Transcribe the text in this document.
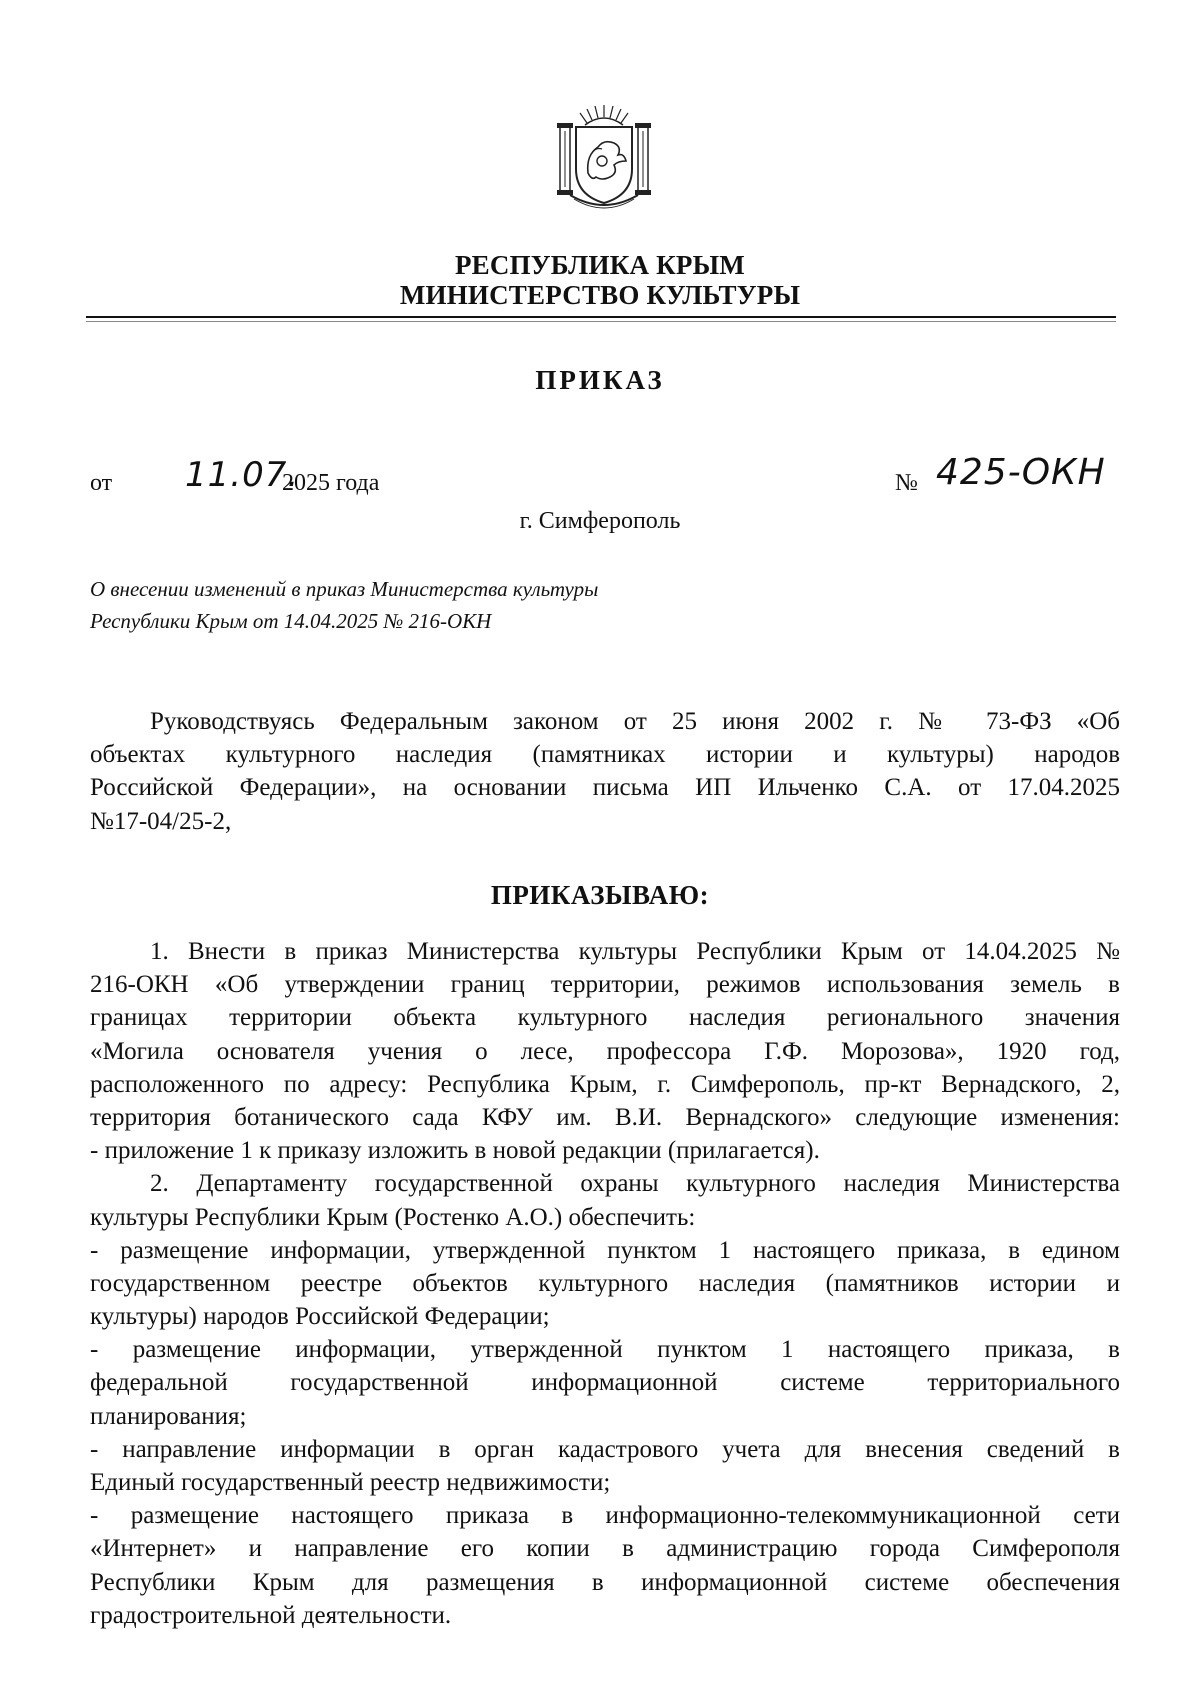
РЕСПУБЛИКА КРЫМ
МИНИСТЕРСТВО КУЛЬТУРЫ
ПРИКАЗ
от 11.07.
2025 года	№ 425-ОКН
г. Симферополь
О внесении изменений в приказ Министерства культуры
Республики Крым от 14.04.2025 № 216-ОКН
Руководствуясь Федеральным законом от 25 июня 2002 г. № 73-ФЗ «Об
объектах культурного наследия (памятниках истории и культуры) народов
Российской Федерации», на основании письма ИП Ильченко С.А. от 17.04.2025
№17-04/25-2,
ПРИКАЗЫВАЮ:
1. Внести в приказ Министерства культуры Республики Крым от 14.04.2025 №
216-ОКН «Об утверждении границ территории, режимов использования земель в
границах территории объекта культурного наследия регионального значения
«Могила основателя учения о лесе, профессора Г.Ф. Морозова», 1920 год,
расположенного по адресу: Республика Крым, г. Симферополь, пр-кт Вернадского, 2,
территория ботанического сада КФУ им. В.И. Вернадского» следующие изменения:
- приложение 1 к приказу изложить в новой редакции (прилагается).
2. Департаменту государственной охраны культурного наследия Министерства
культуры Республики Крым (Ростенко А.О.) обеспечить:
- размещение информации, утвержденной пунктом 1 настоящего приказа, в едином
государственном реестре объектов культурного наследия (памятников истории и
культуры) народов Российской Федерации;
- размещение информации, утвержденной пунктом 1 настоящего приказа, в
федеральной государственной информационной системе территориального
планирования;
- направление информации в орган кадастрового учета для внесения сведений в
Единый государственный реестр недвижимости;
- размещение настоящего приказа в информационно-телекоммуникационной сети
«Интернет» и направление его копии в администрацию города Симферополя
Республики Крым для размещения в информационной системе обеспечения
градостроительной деятельности.
